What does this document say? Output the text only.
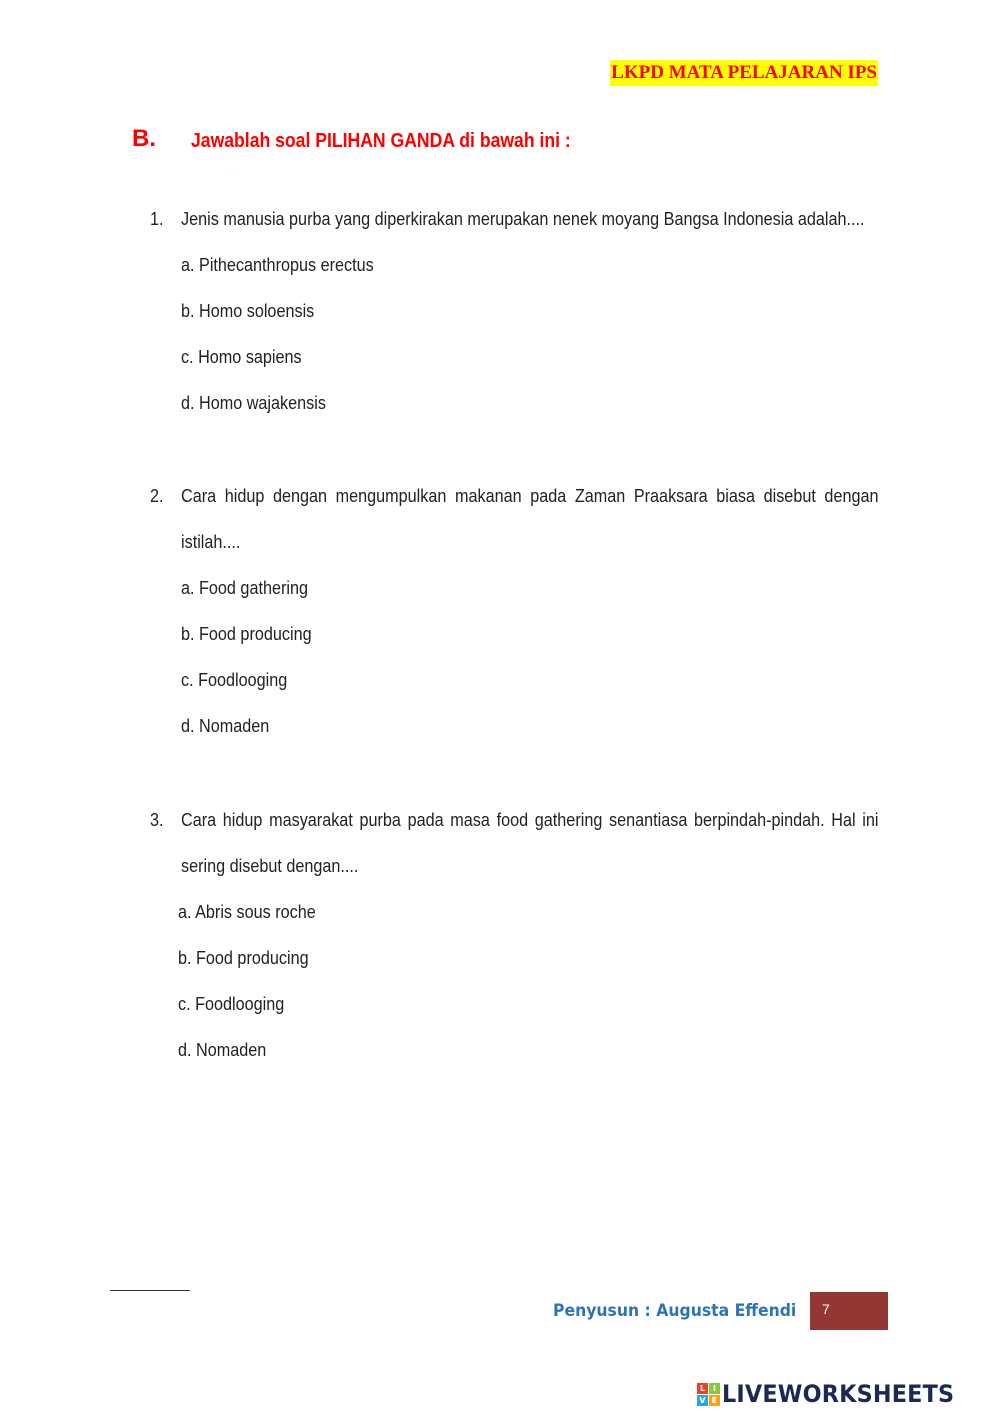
LKPD MATA PELAJARAN IPS
B. Jawablah soal PILIHAN GANDA di bawah ini :
1. Jenis manusia purba yang diperkirakan merupakan nenek moyang Bangsa Indonesia adalah....
a. Pithecanthropus erectus
b. Homo soloensis
c. Homo sapiens
d. Homo wajakensis
2. Cara hidup dengan mengumpulkan makanan pada Zaman Praaksara biasa disebut dengan
istilah....
a. Food gathering
b. Food producing
c. Foodlooging
d. Nomaden
3. Cara hidup masyarakat purba pada masa food gathering senantiasa berpindah-pindah. Hal ini
sering disebut dengan....
a. Abris sous roche
b. Food producing
c. Foodlooging
d. Nomaden
Penyusun : Augusta Effendi 7
L I
V E LIVEWORKSHEETS
